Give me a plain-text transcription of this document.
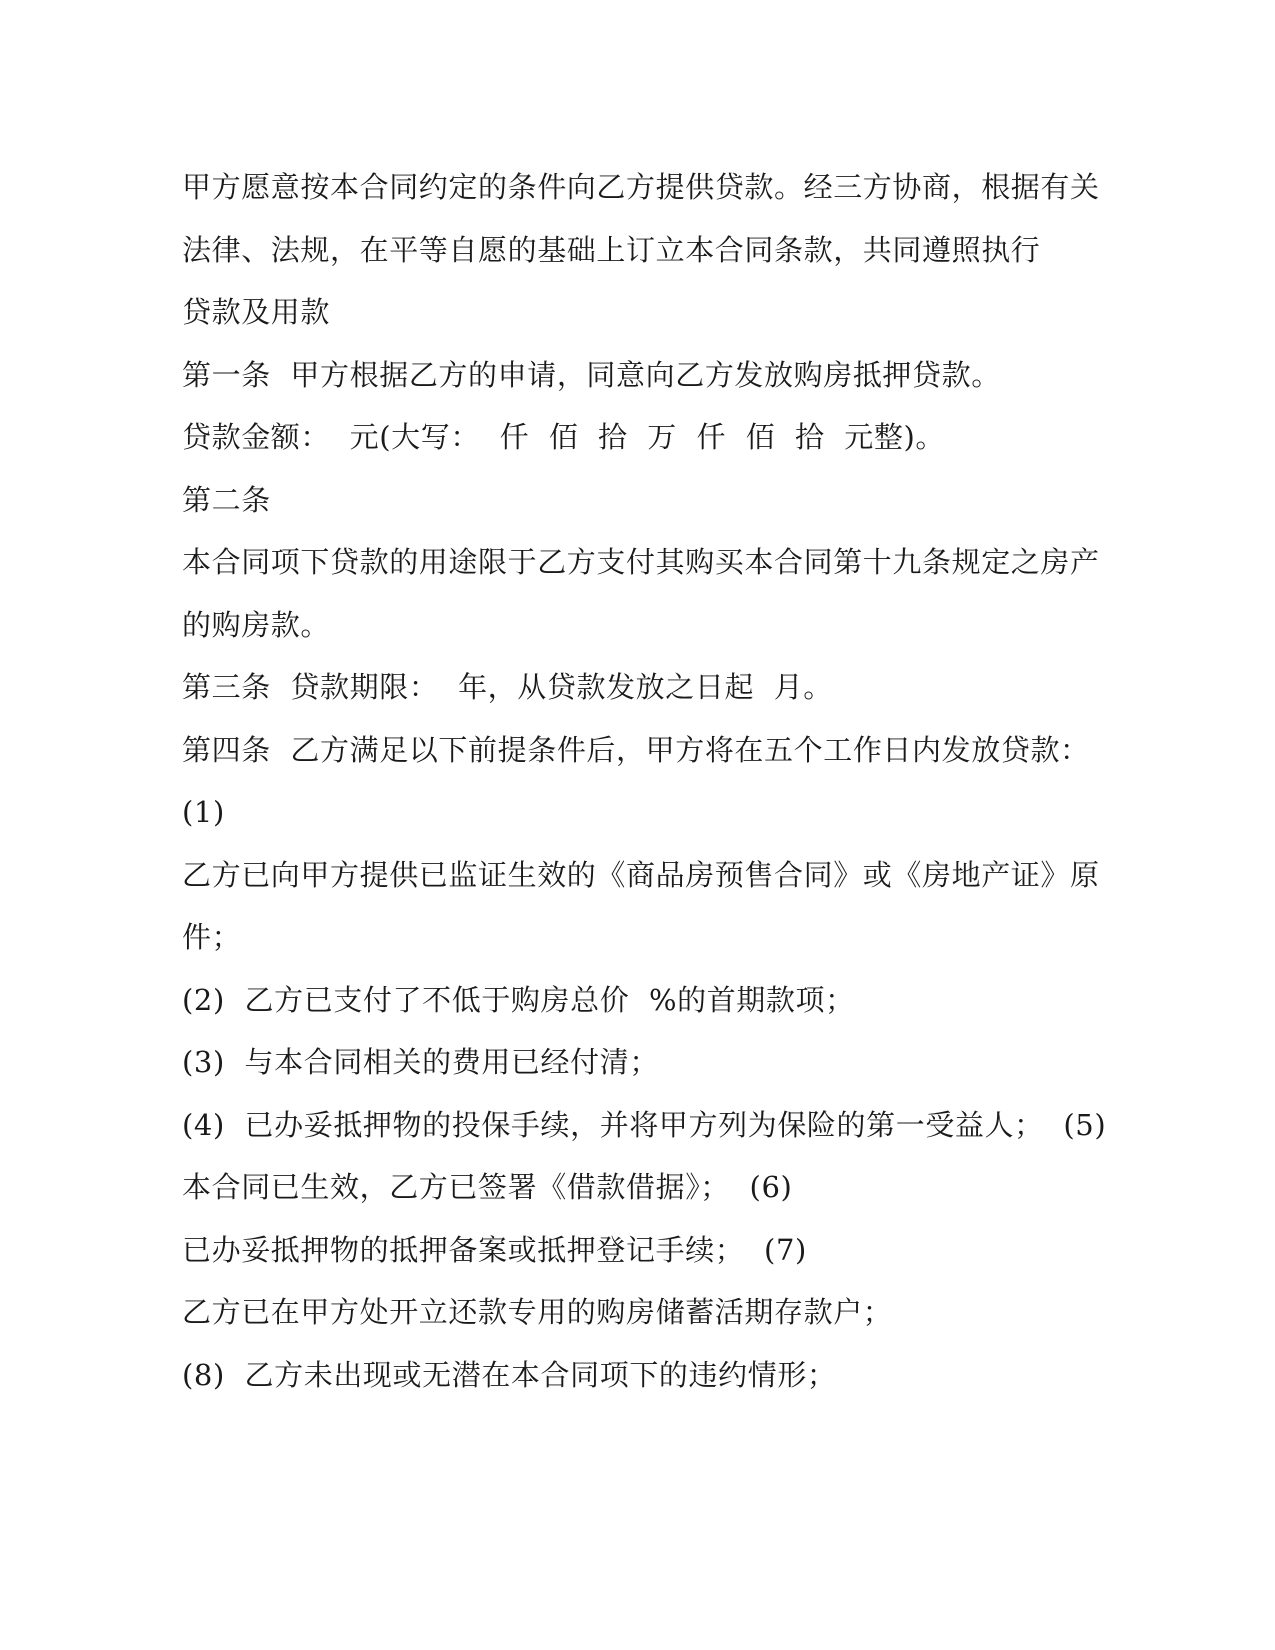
甲方愿意按本合同约定的条件向乙方提供贷款。经三方协商，根据有关
法律、法规，在平等自愿的基础上订立本合同条款，共同遵照执行
贷款及用款
第一条  甲方根据乙方的申请，同意向乙方发放购房抵押贷款。
贷款金额：  元(大写：  仟  佰  拾  万  仟  佰  拾  元整)。
第二条
本合同项下贷款的用途限于乙方支付其购买本合同第十九条规定之房产
的购房款。
第三条  贷款期限：  年，从贷款发放之日起  月。
第四条  乙方满足以下前提条件后，甲方将在五个工作日内发放贷款：
(1)
乙方已向甲方提供已监证生效的《商品房预售合同》或《房地产证》原
件；
(2)  乙方已支付了不低于购房总价  %的首期款项；
(3)  与本合同相关的费用已经付清；
(4)  已办妥抵押物的投保手续，并将甲方列为保险的第一受益人；  (5)
本合同已生效，乙方已签署《借款借据》；  (6)
已办妥抵押物的抵押备案或抵押登记手续；  (7)
乙方已在甲方处开立还款专用的购房储蓄活期存款户；
(8)  乙方未出现或无潜在本合同项下的违约情形；
